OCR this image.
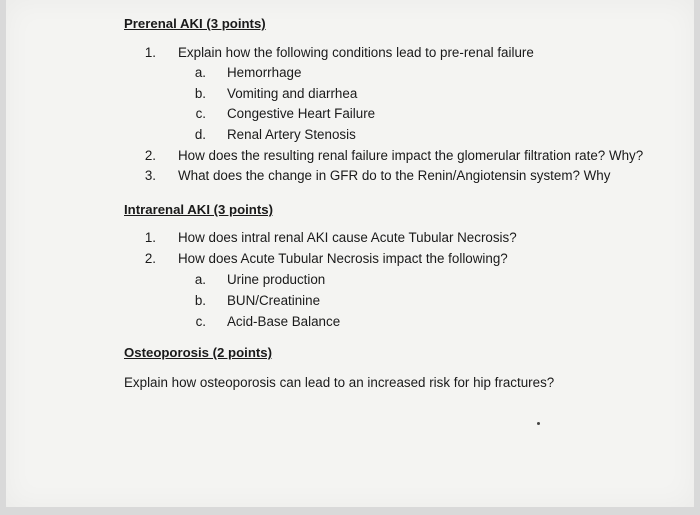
Prerenal AKI (3 points)
1. Explain how the following conditions lead to pre-renal failure
a. Hemorrhage
b. Vomiting and diarrhea
c. Congestive Heart Failure
d. Renal Artery Stenosis
2. How does the resulting renal failure impact the glomerular filtration rate? Why?
3. What does the change in GFR do to the Renin/Angiotensin system? Why
Intrarenal AKI (3 points)
1. How does intral renal AKI cause Acute Tubular Necrosis?
2. How does Acute Tubular Necrosis impact the following?
a. Urine production
b. BUN/Creatinine
c. Acid-Base Balance
Osteoporosis (2 points)
Explain how osteoporosis can lead to an increased risk for hip fractures?
